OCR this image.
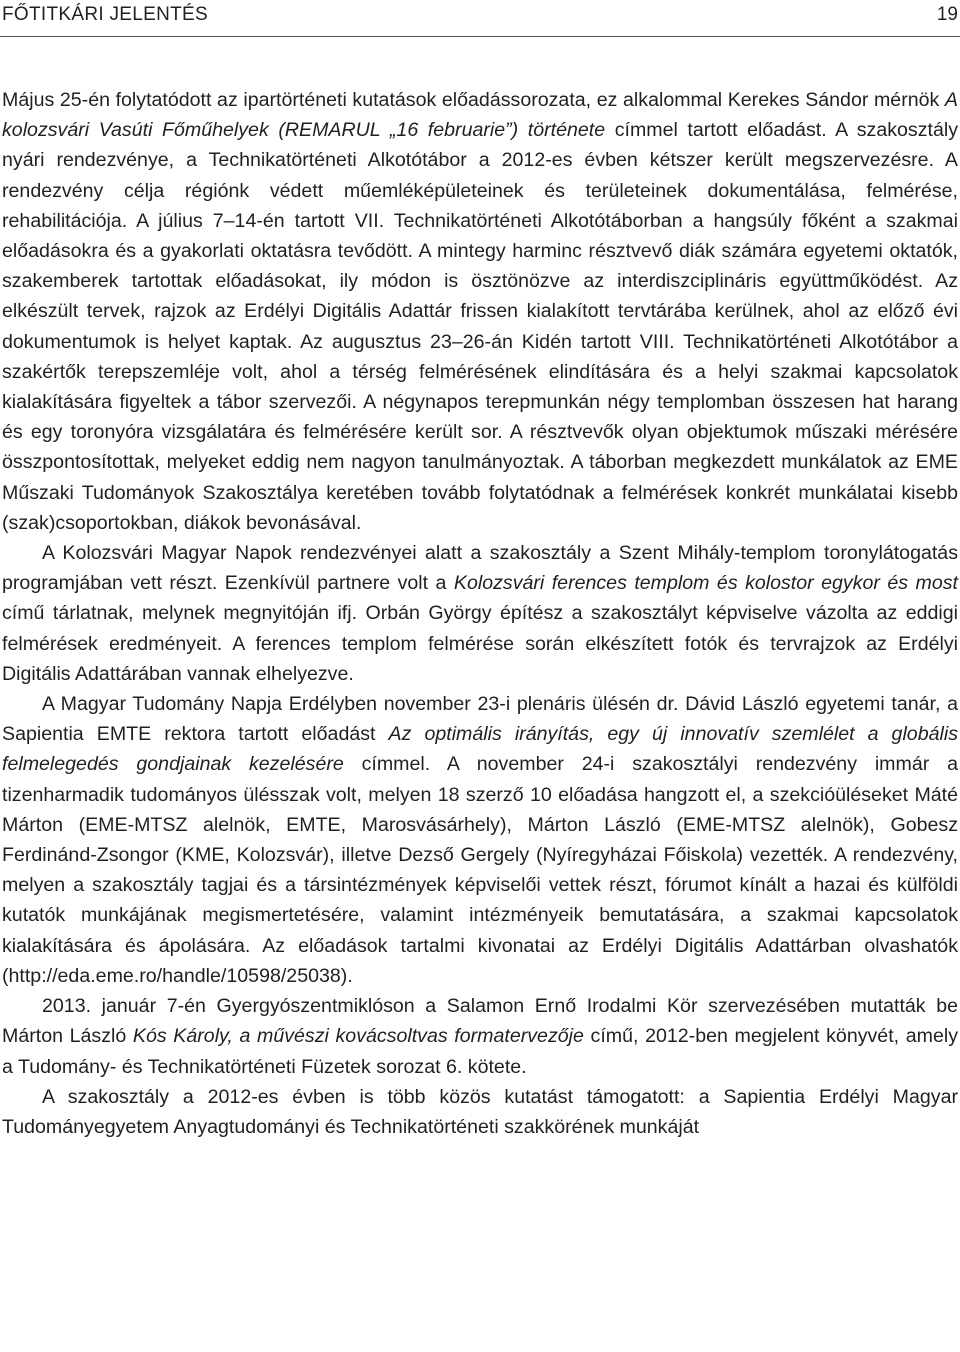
FŐTITKÁRI JELENTÉS	19

Május 25-én folytatódott az ipartörténeti kutatások előadássorozata, ez alkalommal Kerekes Sándor mérnök A kolozsvári Vasúti Főműhelyek (REMARUL „16 februarie”) története címmel tartott előadást. A szakosztály nyári rendezvénye, a Technikatörténeti Alkotótábor a 2012-es évben kétszer került megszervezésre. A rendezvény célja régiónk védett műemléképületeinek és területeinek dokumentálása, felmérése, rehabilitációja. A július 7–14-én tartott VII. Technikatörténeti Alkotótáborban a hangsúly főként a szakmai előadásokra és a gyakorlati oktatásra tevődött. A mintegy harminc résztvevő diák számára egyetemi oktatók, szakemberek tartottak előadásokat, ily módon is ösztönözve az interdiszciplináris együttműködést. Az elkészült tervek, rajzok az Erdélyi Digitális Adattár frissen kialakított tervtárába kerülnek, ahol az előző évi dokumentumok is helyet kaptak. Az augusztus 23–26-án Kidén tartott VIII. Technikatörténeti Alkotótábor a szakértők terepszemléje volt, ahol a térség felmérésének elindítására és a helyi szakmai kapcsolatok kialakítására figyeltek a tábor szervezői. A négynapos terepmunkán négy templomban összesen hat harang és egy toronyóra vizsgálatára és felmérésére került sor. A résztvevők olyan objektumok műszaki mérésére összpontosítottak, melyeket eddig nem nagyon tanulmányoztak. A táborban megkezdett munkálatok az EME Műszaki Tudományok Szakosztálya keretében tovább folytatódnak a felmérések konkrét munkálatai kisebb (szak)csoportokban, diákok bevonásával.

A Kolozsvári Magyar Napok rendezvényei alatt a szakosztály a Szent Mihály-templom toronylátogatás programjában vett részt. Ezenkívül partnere volt a Kolozsvári ferences templom és kolostor egykor és most című tárlatnak, melynek megnyitóján ifj. Orbán György építész a szakosztályt képviselve vázolta az eddigi felmérések eredményeit. A ferences templom felmérése során elkészített fotók és tervrajzok az Erdélyi Digitális Adattárában vannak elhelyezve.

A Magyar Tudomány Napja Erdélyben november 23-i plenáris ülésén dr. Dávid László egyetemi tanár, a Sapientia EMTE rektora tartott előadást Az optimális irányítás, egy új innovatív szemlélet a globális felmelegedés gondjainak kezelésére címmel. A november 24-i szakosztályi rendezvény immár a tizenharmadik tudományos ülésszak volt, melyen 18 szerző 10 előadása hangzott el, a szekcióüléseket Máté Márton (EME-MTSZ alelnök, EMTE, Marosvásárhely), Márton László (EME-MTSZ alelnök), Gobesz Ferdinánd-Zsongor (KME, Kolozsvár), illetve Dezső Gergely (Nyíregyházai Főiskola) vezették. A rendezvény, melyen a szakosztály tagjai és a társintézmények képviselői vettek részt, fórumot kínált a hazai és külföldi kutatók munkájának megismertetésére, valamint intézményeik bemutatására, a szakmai kapcsolatok kialakítására és ápolására. Az előadások tartalmi kivonatai az Erdélyi Digitális Adattárban olvashatók (http://eda.eme.ro/handle/10598/25038).

2013. január 7-én Gyergyószentmiklóson a Salamon Ernő Irodalmi Kör szervezésében mutatták be Márton László Kós Károly, a művészi kovácsoltvas formatervezője című, 2012-ben megjelent könyvét, amely a Tudomány- és Technikatörténeti Füzetek sorozat 6. kötete.

A szakosztály a 2012-es évben is több közös kutatást támogatott: a Sapientia Erdélyi Magyar Tudományegyetem Anyagtudományi és Technikatörténeti szakkörének munkáját
